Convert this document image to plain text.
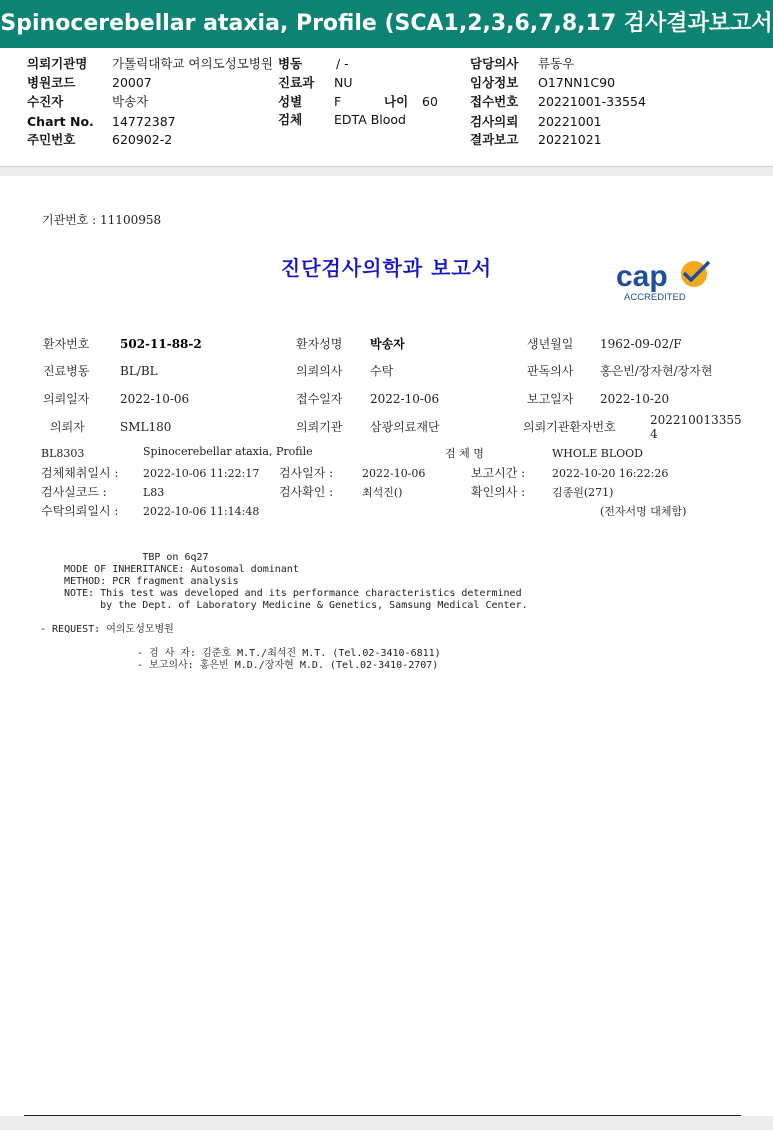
Spinocerebellar ataxia, Profile (SCA1,2,3,6,7,8,17 검사결과보고서
의뢰기관명 가톨릭대학교 여의도성모병원 병동	/ -	담당의사 류동우
병원코드	20007	진료과 NU	임상정보 O17NN1C90
수진자	박송자	성별	F	나이 60	접수번호 20221001-33554
Chart No. 14772387	검체	EDTA Blood	검사의뢰 20221001
주민번호	620902-2	결과보고 20221021
기관번호 : 11100958
진단검사의학과 보고서	cap
ACCREDITED
환자번호	502-11-88-2	환자성명 박송자	생년월일 1962-09-02/F
진료병동	BL/BL	의뢰의사 수탁	판독의사 홍은빈/장자현/장자현
의뢰일자	2022-10-06	접수일자 2022-10-06	보고일자 2022-10-20
의뢰자	SML180	의뢰기관 삼광의료재단	의뢰기관환자번호	202210013355
4
BL8303	Spinocerebellar ataxia, Profile	검 체 명	WHOLE BLOOD
검체채취일시 : 2022-10-06 11:22:17 검사일자 :	2022-10-06	보고시간 : 2022-10-20 16:22:26
검사실코드 :	L83	검사확인 :	최석진()	확인의사 : 김종원(271)
수탁의뢰일시 : 2022-10-06 11:14:48	(전자서명 대체함)
TBP on 6q27
MODE OF INHERITANCE: Autosomal dominant
METHOD: PCR fragment analysis
NOTE: This test was developed and its performance characteristics determined
by the Dept. of Laboratory Medicine & Genetics, Samsung Medical Center.
- REQUEST: 여의도성모병원
- 검 사 자: 김준호 M.T./최석진 M.T. (Tel.02-3410-6811)
- 보고의사: 홍은빈 M.D./장자현 M.D. (Tel.02-3410-2707)
